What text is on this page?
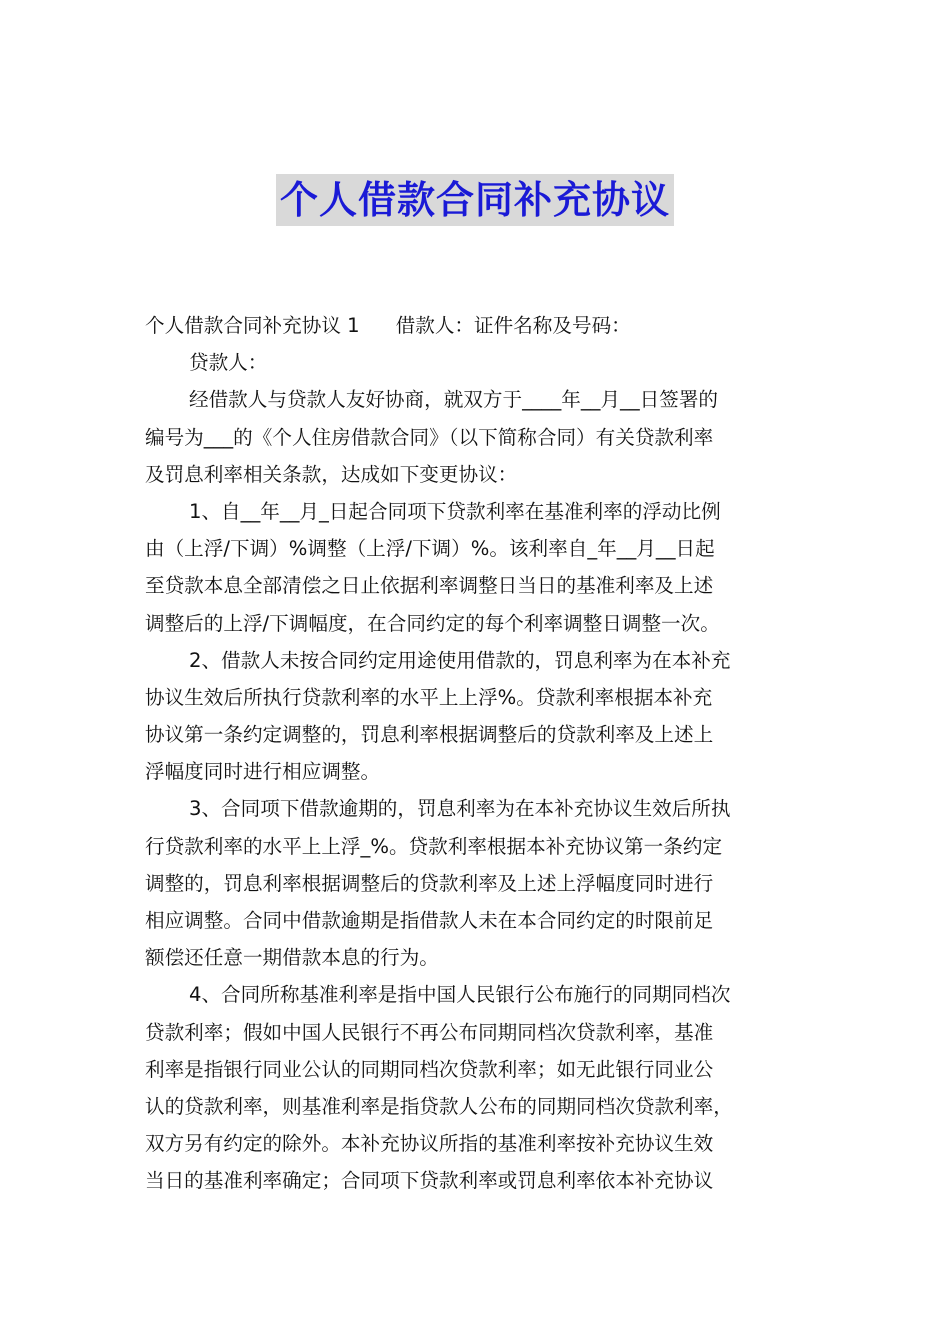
个人借款合同补充协议
个人借款合同补充协议 1 借款人：证件名称及号码：
贷款人：
经借款人与贷款人友好协商，就双方于____年__月__日签署的
编号为___的《个人住房借款合同》（以下简称合同）有关贷款利率
及罚息利率相关条款，达成如下变更协议：
1、自__年__月_日起合同项下贷款利率在基准利率的浮动比例
由（上浮/下调）%调整（上浮/下调）%。该利率自_年__月__日起
至贷款本息全部清偿之日止依据利率调整日当日的基准利率及上述
调整后的上浮/下调幅度，在合同约定的每个利率调整日调整一次。
2、借款人未按合同约定用途使用借款的，罚息利率为在本补充
协议生效后所执行贷款利率的水平上上浮%。贷款利率根据本补充
协议第一条约定调整的，罚息利率根据调整后的贷款利率及上述上
浮幅度同时进行相应调整。
3、合同项下借款逾期的，罚息利率为在本补充协议生效后所执
行贷款利率的水平上上浮_%。贷款利率根据本补充协议第一条约定
调整的，罚息利率根据调整后的贷款利率及上述上浮幅度同时进行
相应调整。合同中借款逾期是指借款人未在本合同约定的时限前足
额偿还任意一期借款本息的行为。
4、合同所称基准利率是指中国人民银行公布施行的同期同档次
贷款利率；假如中国人民银行不再公布同期同档次贷款利率，基准
利率是指银行同业公认的同期同档次贷款利率；如无此银行同业公
认的贷款利率，则基准利率是指贷款人公布的同期同档次贷款利率，
双方另有约定的除外。本补充协议所指的基准利率按补充协议生效
当日的基准利率确定；合同项下贷款利率或罚息利率依本补充协议
